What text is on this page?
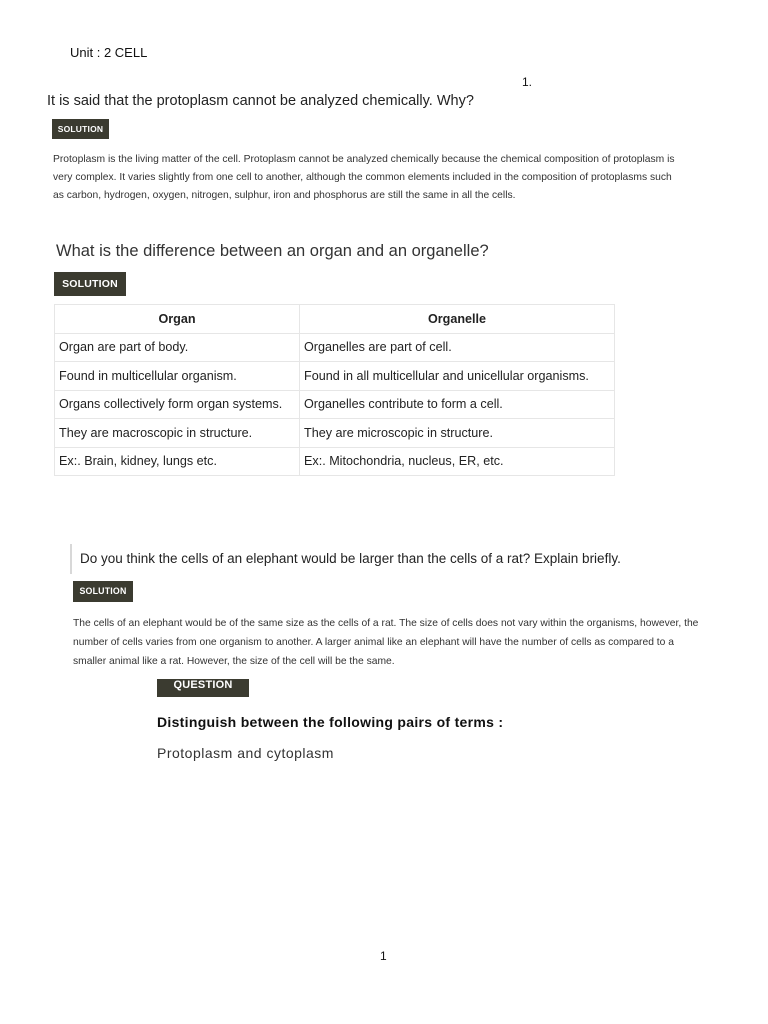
Unit : 2 CELL
1.
It is said that the protoplasm cannot be analyzed chemically. Why?
SOLUTION
Protoplasm is the living matter of the cell. Protoplasm cannot be analyzed chemically because the chemical composition of protoplasm is very complex. It varies slightly from one cell to another, although the common elements included in the composition of protoplasms such as carbon, hydrogen, oxygen, nitrogen, sulphur, iron and phosphorus are still the same in all the cells.
What is the difference between an organ and an organelle?
SOLUTION
Organ	Organelle
Organ are part of body.	Organelles are part of cell.
Found in multicellular organism.	Found in all multicellular and unicellular organisms.
Organs collectively form organ systems.	Organelles contribute to form a cell.
They are macroscopic in structure.	They are microscopic in structure.
Ex:. Brain, kidney, lungs etc.	Ex:. Mitochondria, nucleus, ER, etc.
Do you think the cells of an elephant would be larger than the cells of a rat? Explain briefly.
SOLUTION
The cells of an elephant would be of the same size as the cells of a rat. The size of cells does not vary within the organisms, however, the number of cells varies from one organism to another. A larger animal like an elephant will have the number of cells as compared to a smaller animal like a rat. However, the size of the cell will be the same.
QUESTION
Distinguish between the following pairs of terms :
Protoplasm and cytoplasm
1
